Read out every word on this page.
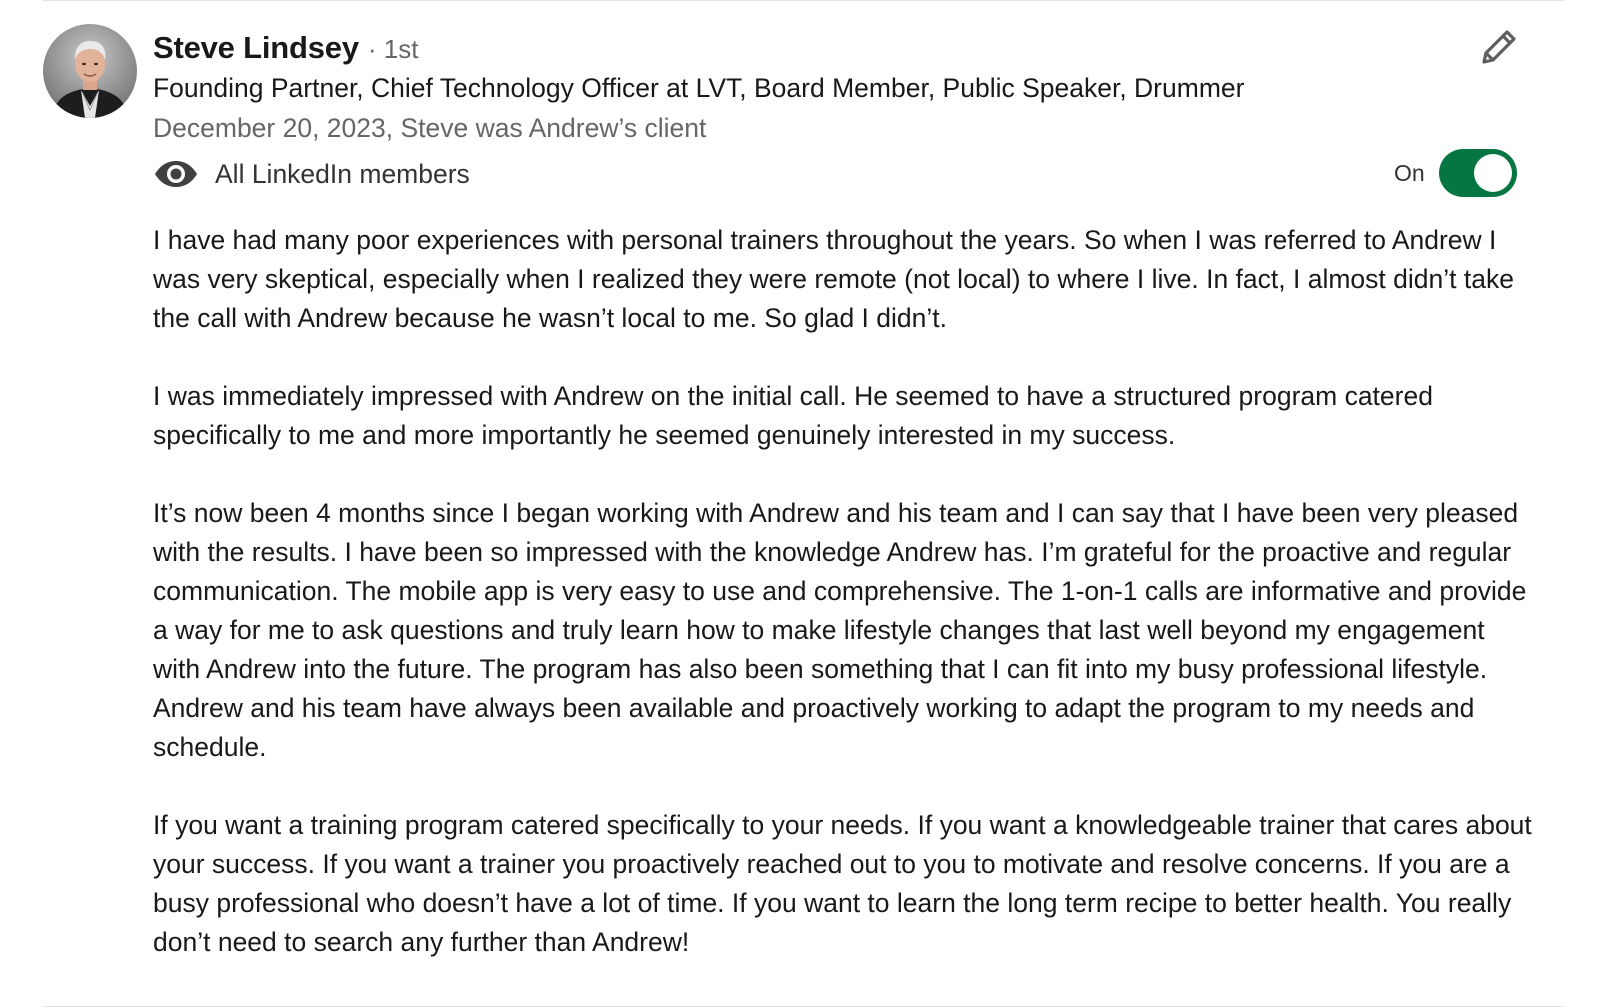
Steve Lindsey · 1st
Founding Partner, Chief Technology Officer at LVT, Board Member, Public Speaker, Drummer
December 20, 2023, Steve was Andrew’s client
All LinkedIn members	On

I have had many poor experiences with personal trainers throughout the years. So when I was referred to Andrew I was very skeptical, especially when I realized they were remote (not local) to where I live. In fact, I almost didn’t take the call with Andrew because he wasn’t local to me. So glad I didn’t.

I was immediately impressed with Andrew on the initial call. He seemed to have a structured program catered specifically to me and more importantly he seemed genuinely interested in my success.

It’s now been 4 months since I began working with Andrew and his team and I can say that I have been very pleased with the results. I have been so impressed with the knowledge Andrew has. I’m grateful for the proactive and regular communication. The mobile app is very easy to use and comprehensive. The 1-on-1 calls are informative and provide a way for me to ask questions and truly learn how to make lifestyle changes that last well beyond my engagement with Andrew into the future. The program has also been something that I can fit into my busy professional lifestyle. Andrew and his team have always been available and proactively working to adapt the program to my needs and schedule.

If you want a training program catered specifically to your needs. If you want a knowledgeable trainer that cares about your success. If you want a trainer you proactively reached out to you to motivate and resolve concerns. If you are a busy professional who doesn’t have a lot of time. If you want to learn the long term recipe to better health. You really don’t need to search any further than Andrew!
